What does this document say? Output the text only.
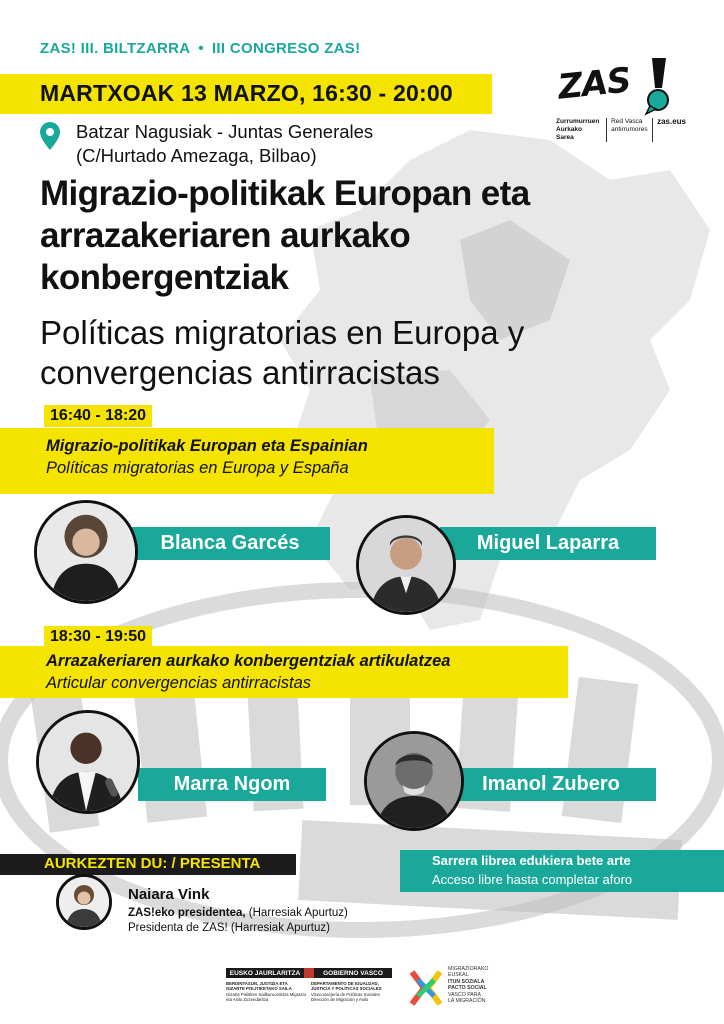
ZAS! III. BILTZARRA • III CONGRESO ZAS!
MARTXOAK 13 MARZO, 16:30 - 20:00	ZAS
Zurrumurruen Aurkako Sarea
Red Vasca antirrumores
zas.eus
Batzar Nagusiak - Juntas Generales
(C/Hurtado Amezaga, Bilbao)
Migrazio-politikak Europan eta arrazakeriaren aurkako konbergentziak
Políticas migratorias en Europa y convergencias antirracistas
16:40 - 18:20
Migrazio-politikak Europan eta Espainian
Políticas migratorias en Europa y España
Blanca Garcés	Miguel Laparra
18:30 - 19:50
Arrazakeriaren aurkako konbergentziak artikulatzea
Articular convergencias antirracistas
Marra Ngom	Imanol Zubero
AURKEZTEN DU: / PRESENTA
Naiara Vink
ZAS!eko presidentea, (Harresiak Apurtuz)
Presidenta de ZAS! (Harresiak Apurtuz)
Sarrera librea edukiera bete arte
Acceso libre hasta completar aforo
EUSKO JAURLARITZA	GOBIERNO VASCO
BERDINTASUN, JUSTIZIA ETA GIZARTE POLITIKETAKO SAILA
Gizarte Politiken Sailburuordetza Migrazio eta Asilo Zuzendaritza
DEPARTAMENTO DE IGUALDAD, JUSTICIA Y POLÍTICAS SOCIALES
Viceconsejería de Políticas Sociales Dirección de Migración y Asilo
MIGRAZIORAKO
EUSKAL
ITUN SOZIALA
PACTO SOCIAL
VASCO PARA
LA MIGRACIÓN
